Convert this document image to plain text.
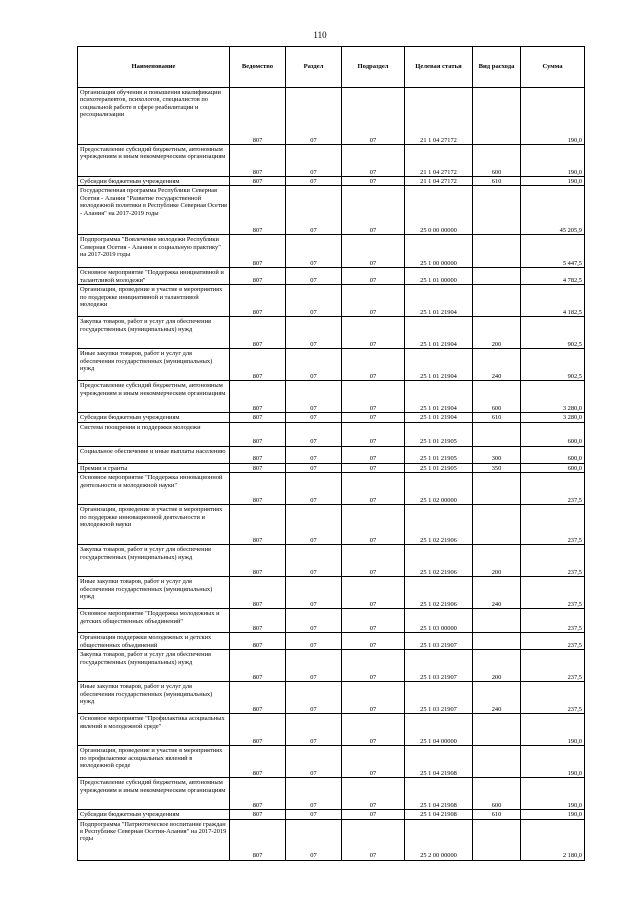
110
Наименование	Ведомство	Раздел	Подраздел	Целевая статья	Вид расхода	Сумма
Организация обучения и повышения квалификации психотерапевтов, психологов, специалистов по социальной работе в сфере реабилитации и ресоциализации	807	07	07	21 1 04 27172		190,0
Предоставление субсидий бюджетным, автономным учреждениям и иным некоммерческим организациям	807	07	07	21 1 04 27172	600	190,0
Субсидии бюджетным учреждениям	807	07	07	21 1 04 27172	610	190,0
Государственная программа Республики Северная Осетия - Алания "Развитие государственной молодежной политики в Республике Северная Осетия - Алания" на 2017-2019 годы	807	07	07	25 0 00 00000		45 205,9
Подпрограмма "Вовлечение молодежи Республики Северная Осетия - Алания в социальную практику" на 2017-2019 годы	807	07	07	25 1 00 00000		5 447,5
Основное мероприятие "Поддержка инициативной и талантливой молодежи"	807	07	07	25 1 01 00000		4 782,5
Организация, проведение и участие в мероприятиях по поддержке инициативной и талантливой молодежи	807	07	07	25 1 01 21904		4 182,5
Закупка товаров, работ и услуг для обеспечения государственных (муниципальных) нужд	807	07	07	25 1 01 21904	200	902,5
Иные закупки товаров, работ и услуг для обеспечения государственных (муниципальных) нужд	807	07	07	25 1 01 21904	240	902,5
Предоставление субсидий бюджетным, автономным учреждениям и иным некоммерческим организациям	807	07	07	25 1 01 21904	600	3 280,0
Субсидии бюджетным учреждениям	807	07	07	25 1 01 21904	610	3 280,0
Система поощрения и поддержки молодежи	807	07	07	25 1 01 21905		600,0
Социальное обеспечение и иные выплаты населению	807	07	07	25 1 01 21905	300	600,0
Премии и гранты	807	07	07	25 1 01 21905	350	600,0
Основное мероприятие "Поддержка инновационной деятельности и молодежной науки"	807	07	07	25 1 02 00000		237,5
Организация, проведение и участие в мероприятиях по поддержке инновационной деятельности и молодежной науки	807	07	07	25 1 02 21906		237,5
Закупка товаров, работ и услуг для обеспечения государственных (муниципальных) нужд	807	07	07	25 1 02 21906	200	237,5
Иные закупки товаров, работ и услуг для обеспечения государственных (муниципальных) нужд	807	07	07	25 1 02 21906	240	237,5
Основное мероприятие "Поддержка молодежных и детских общественных объединений"	807	07	07	25 1 03 00000		237,5
Организация поддержки молодежных и детских общественных объединений	807	07	07	25 1 03 21907		237,5
Закупка товаров, работ и услуг для обеспечения государственных (муниципальных) нужд	807	07	07	25 1 03 21907	200	237,5
Иные закупки товаров, работ и услуг для обеспечения государственных (муниципальных) нужд	807	07	07	25 1 03 21907	240	237,5
Основное мероприятие "Профилактика асоциальных явлений в молодежной среде"	807	07	07	25 1 04 00000		190,0
Организация, проведение и участие в мероприятиях по профилактике асоциальных явлений в молодежной среде	807	07	07	25 1 04 21908		190,0
Предоставление субсидий бюджетным, автономным учреждениям и иным некоммерческим организациям	807	07	07	25 1 04 21908	600	190,0
Субсидии бюджетным учреждениям	807	07	07	25 1 04 21908	610	190,0
Подпрограмма "Патриотическое воспитание граждан в Республике Северная Осетия-Алания" на 2017-2019 годы	807	07	07	25 2 00 00000		2 180,0
